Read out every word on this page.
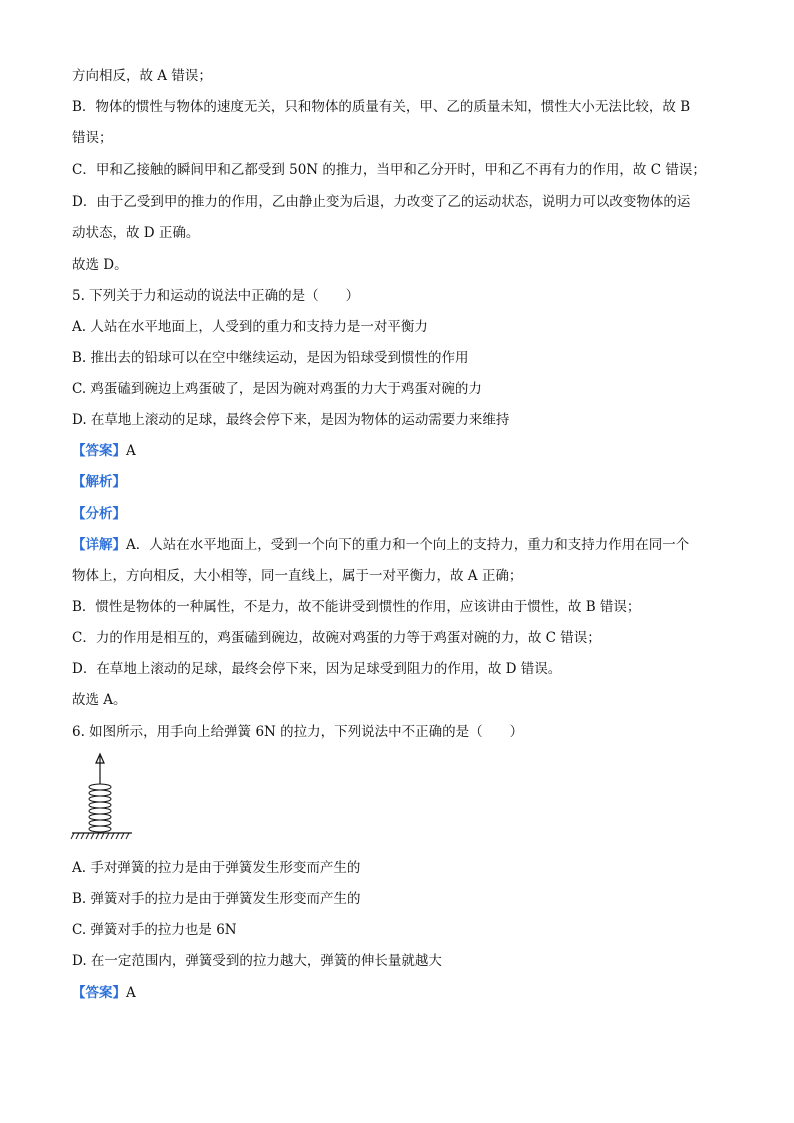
方向相反，故 A 错误；
B．物体的惯性与物体的速度无关，只和物体的质量有关，甲、乙的质量未知，惯性大小无法比较，故 B
错误；
C．甲和乙接触的瞬间甲和乙都受到 50N 的推力，当甲和乙分开时，甲和乙不再有力的作用，故 C 错误；
D．由于乙受到甲的推力的作用，乙由静止变为后退，力改变了乙的运动状态，说明力可以改变物体的运
动状态，故 D 正确。
故选 D。
5. 下列关于力和运动的说法中正确的是（　　）
A. 人站在水平地面上，人受到的重力和支持力是一对平衡力
B. 推出去的铅球可以在空中继续运动，是因为铅球受到惯性的作用
C. 鸡蛋磕到碗边上鸡蛋破了，是因为碗对鸡蛋的力大于鸡蛋对碗的力
D. 在草地上滚动的足球，最终会停下来，是因为物体的运动需要力来维持
【答案】A
【解析】
【分析】
【详解】A．人站在水平地面上，受到一个向下的重力和一个向上的支持力，重力和支持力作用在同一个
物体上，方向相反，大小相等，同一直线上，属于一对平衡力，故 A 正确；
B．惯性是物体的一种属性，不是力，故不能讲受到惯性的作用，应该讲由于惯性，故 B 错误；
C．力的作用是相互的，鸡蛋磕到碗边，故碗对鸡蛋的力等于鸡蛋对碗的力，故 C 错误；
D．在草地上滚动的足球，最终会停下来，因为足球受到阻力的作用，故 D 错误。
故选 A。
6. 如图所示，用手向上给弹簧 6N 的拉力，下列说法中不正确的是（　　）
A. 手对弹簧的拉力是由于弹簧发生形变而产生的
B. 弹簧对手的拉力是由于弹簧发生形变而产生的
C. 弹簧对手的拉力也是 6N
D. 在一定范围内，弹簧受到的拉力越大，弹簧的伸长量就越大
【答案】A
